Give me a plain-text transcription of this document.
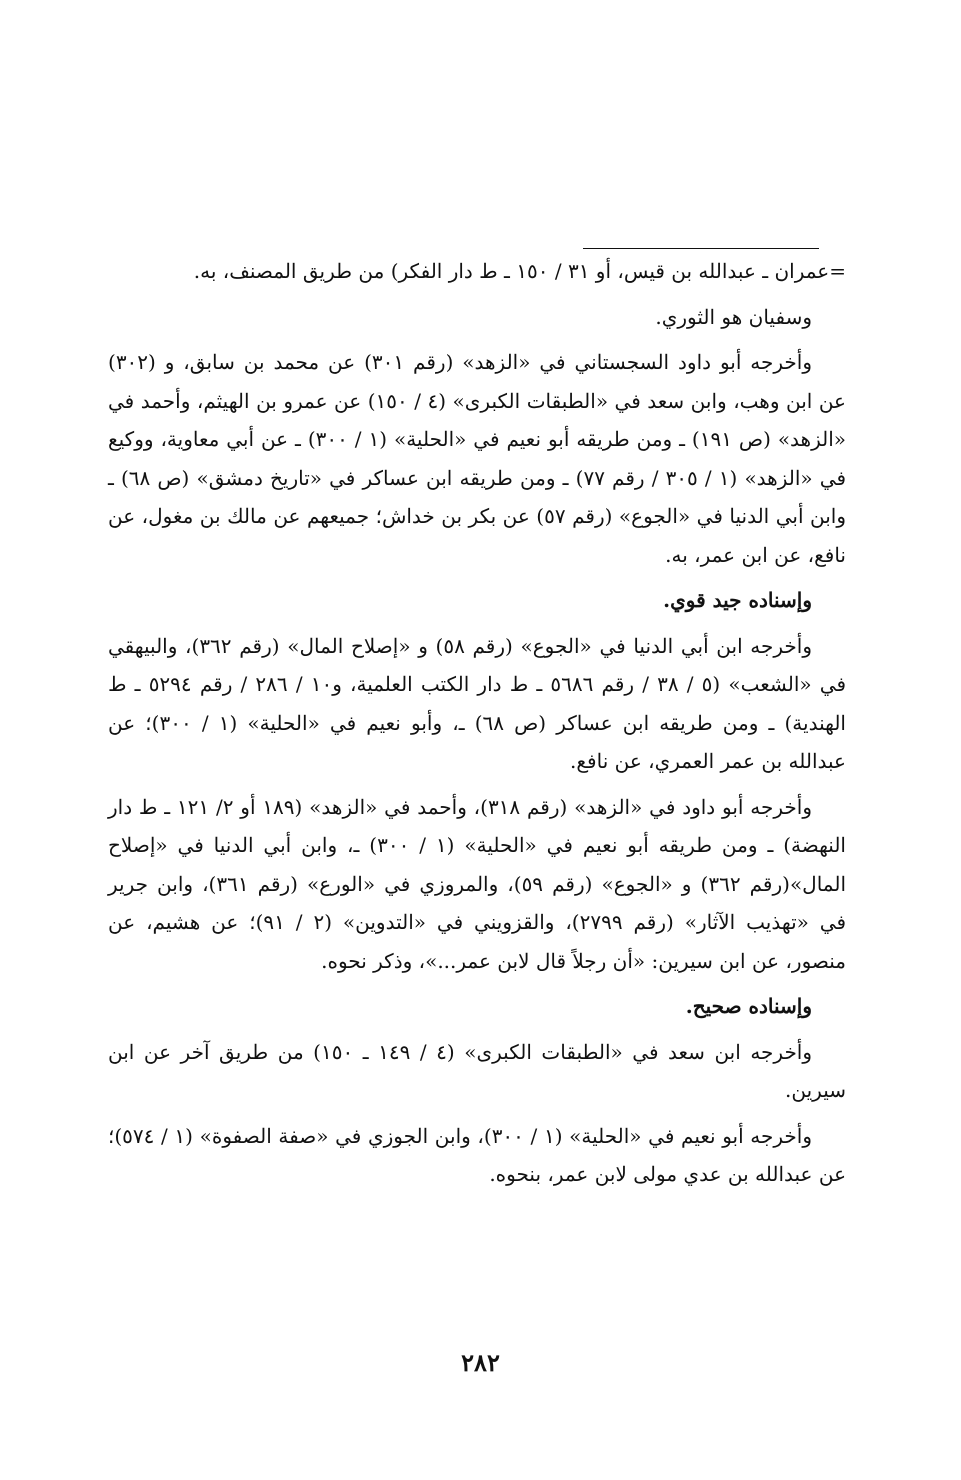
=عمران ـ عبدالله بن قيس، أو ٣١ / ١٥٠ ـ ط دار الفكر) من طريق المصنف، به.

وسفيان هو الثوري.

وأخرجه أبو داود السجستاني في «الزهد» (رقم ٣٠١) عن محمد بن سابق، و (٣٠٢) عن ابن وهب، وابن سعد في «الطبقات الكبرى» (٤ / ١٥٠) عن عمرو بن الهيثم، وأحمد في «الزهد» (ص ١٩١) ـ ومن طريقه أبو نعيم في «الحلية» (١ / ٣٠٠) ـ عن أبي معاوية، ووكيع في «الزهد» (١ / ٣٠٥ / رقم ٧٧) ـ ومن طريقه ابن عساكر في «تاريخ دمشق» (ص ٦٨) ـ وابن أبي الدنيا في «الجوع» (رقم ٥٧) عن بكر بن خداش؛ جميعهم عن مالك بن مغول، عن نافع، عن ابن عمر، به.

وإسناده جيد قوي.

وأخرجه ابن أبي الدنيا في «الجوع» (رقم ٥٨) و «إصلاح المال» (رقم ٣٦٢)، والبيهقي في «الشعب» (٥ / ٣٨ / رقم ٥٦٨٦ ـ ط دار الكتب العلمية، و١٠ / ٢٨٦ / رقم ٥٢٩٤ ـ ط الهندية) ـ ومن طريقه ابن عساكر (ص ٦٨) ـ، وأبو نعيم في «الحلية» (١ / ٣٠٠)؛ عن عبدالله بن عمر العمري، عن نافع.

وأخرجه أبو داود في «الزهد» (رقم ٣١٨)، وأحمد في «الزهد» (١٨٩ أو ٢/ ١٢١ ـ ط دار النهضة) ـ ومن طريقه أبو نعيم في «الحلية» (١ / ٣٠٠) ـ، وابن أبي الدنيا في «إصلاح المال»(رقم ٣٦٢) و «الجوع» (رقم ٥٩)، والمروزي في «الورع» (رقم ٣٦١)، وابن جرير في «تهذيب الآثار» (رقم ٢٧٩٩)، والقزويني في «التدوين» (٢ / ٩١)؛ عن هشيم، عن منصور، عن ابن سيرين: «أن رجلاً قال لابن عمر...»، وذكر نحوه.

وإسناده صحيح.

وأخرجه ابن سعد في «الطبقات الكبرى» (٤ / ١٤٩ ـ ١٥٠) من طريق آخر عن ابن سيرين.

وأخرجه أبو نعيم في «الحلية» (١ / ٣٠٠)، وابن الجوزي في «صفة الصفوة» (١ / ٥٧٤)؛ عن عبدالله بن عدي مولى لابن عمر، بنحوه.

٢٨٢
